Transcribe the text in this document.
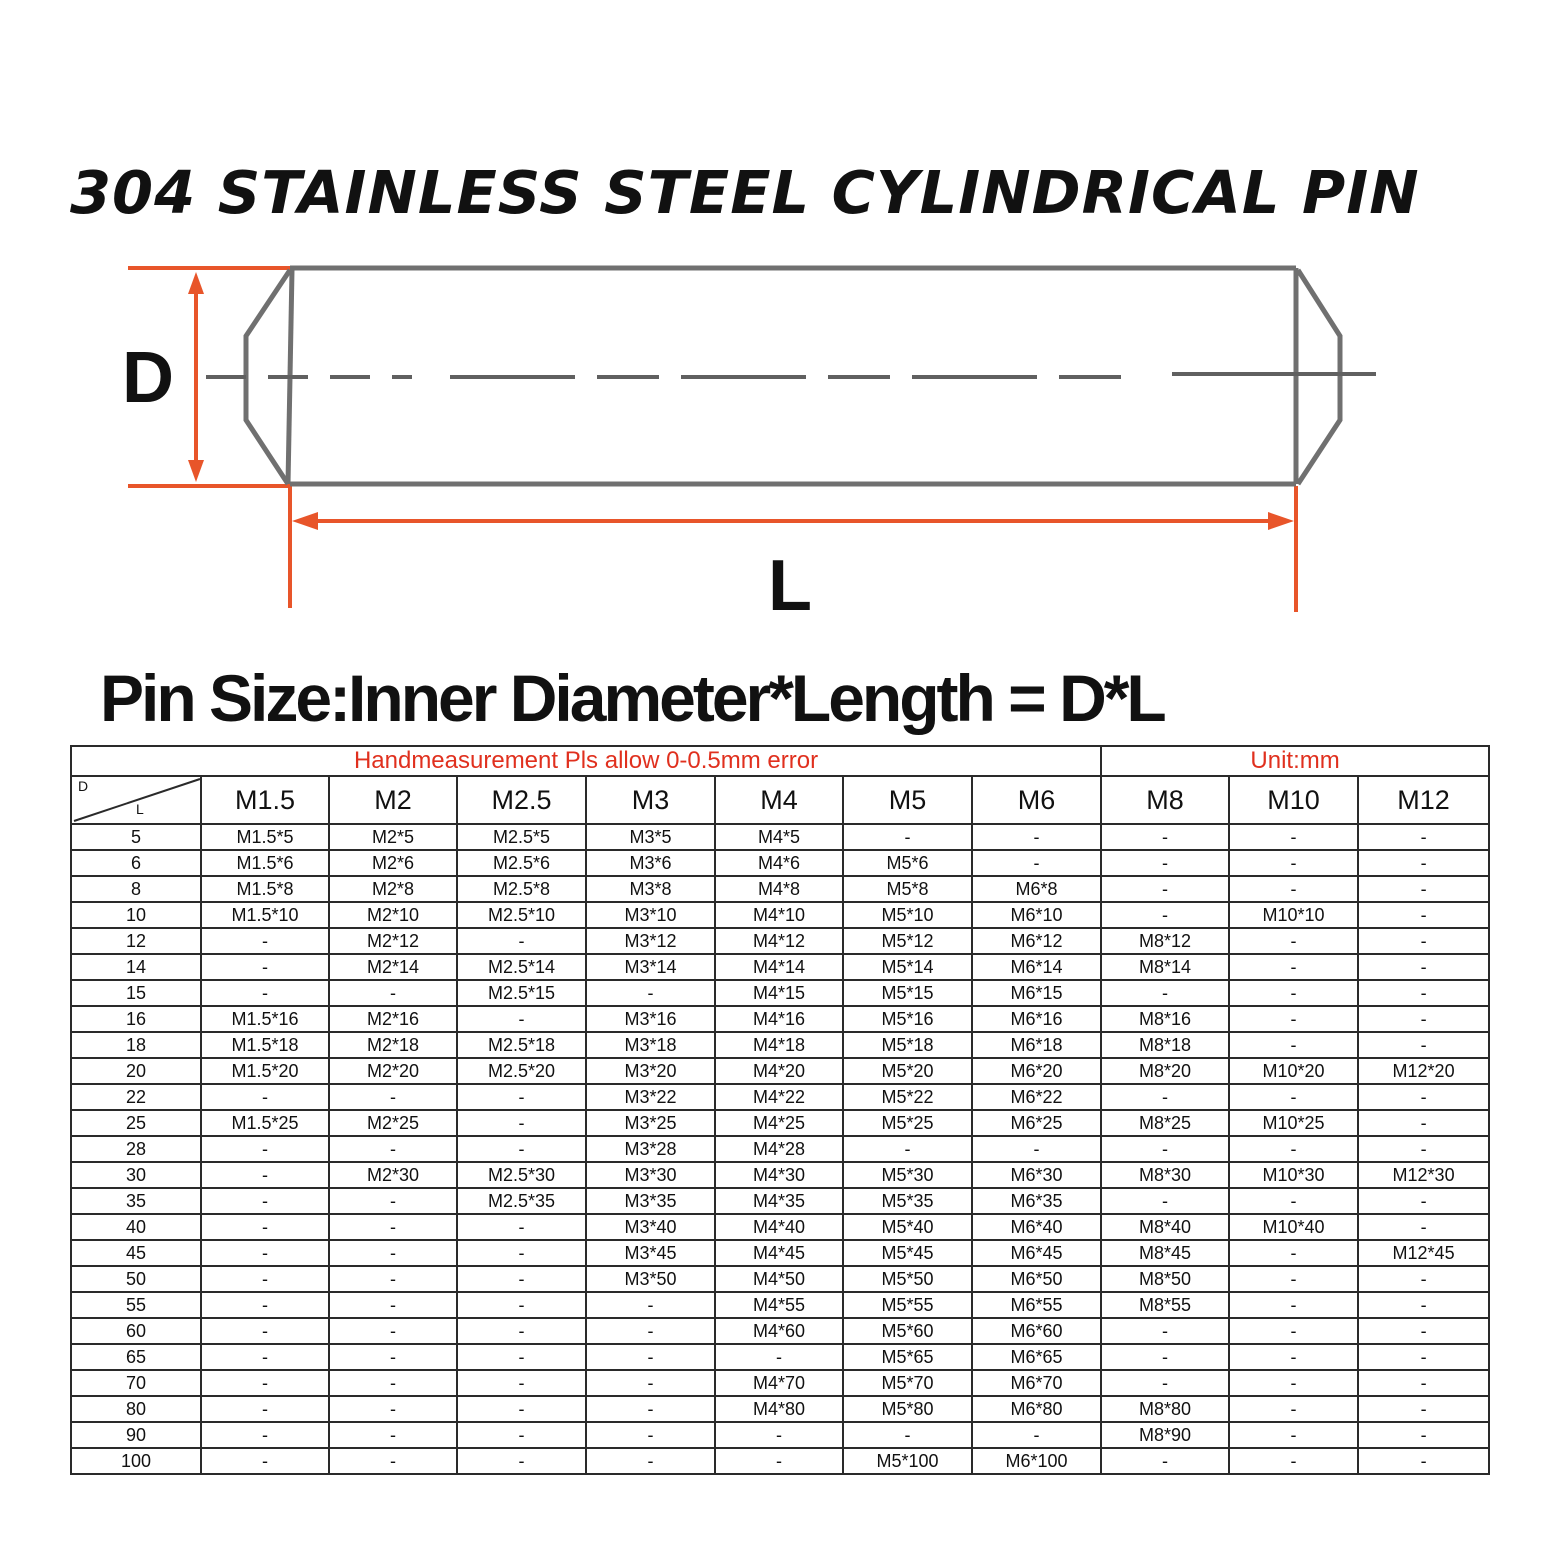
304 STAINLESS STEEL CYLINDRICAL PIN
D
L
Pin Size:Inner Diameter*Length = D*L
Handmeasurement Pls allow 0-0.5mm error								Unit:mm		

D
L	M1.5	M2	M2.5	M3	M4	M5	M6	M8	M10	M12
5	M1.5*5	M2*5	M2.5*5	M3*5	M4*5	-	-	-	-	-
6	M1.5*6	M2*6	M2.5*6	M3*6	M4*6	M5*6	-	-	-	-
8	M1.5*8	M2*8	M2.5*8	M3*8	M4*8	M5*8	M6*8	-	-	-
10	M1.5*10	M2*10	M2.5*10	M3*10	M4*10	M5*10	M6*10	-	M10*10	-
12	-	M2*12	-	M3*12	M4*12	M5*12	M6*12	M8*12	-	-
14	-	M2*14	M2.5*14	M3*14	M4*14	M5*14	M6*14	M8*14	-	-
15	-	-	M2.5*15	-	M4*15	M5*15	M6*15	-	-	-
16	M1.5*16	M2*16	-	M3*16	M4*16	M5*16	M6*16	M8*16	-	-
18	M1.5*18	M2*18	M2.5*18	M3*18	M4*18	M5*18	M6*18	M8*18	-	-
20	M1.5*20	M2*20	M2.5*20	M3*20	M4*20	M5*20	M6*20	M8*20	M10*20	M12*20
22	-	-	-	M3*22	M4*22	M5*22	M6*22	-	-	-
25	M1.5*25	M2*25	-	M3*25	M4*25	M5*25	M6*25	M8*25	M10*25	-
28	-	-	-	M3*28	M4*28	-	-	-	-	-
30	-	M2*30	M2.5*30	M3*30	M4*30	M5*30	M6*30	M8*30	M10*30	M12*30
35	-	-	M2.5*35	M3*35	M4*35	M5*35	M6*35	-	-	-
40	-	-	-	M3*40	M4*40	M5*40	M6*40	M8*40	M10*40	-
45	-	-	-	M3*45	M4*45	M5*45	M6*45	M8*45	-	M12*45
50	-	-	-	M3*50	M4*50	M5*50	M6*50	M8*50	-	-
55	-	-	-	-	M4*55	M5*55	M6*55	M8*55	-	-
60	-	-	-	-	M4*60	M5*60	M6*60	-	-	-
65	-	-	-	-	-	M5*65	M6*65	-	-	-
70	-	-	-	-	M4*70	M5*70	M6*70	-	-	-
80	-	-	-	-	M4*80	M5*80	M6*80	M8*80	-	-
90	-	-	-	-	-	-	-	M8*90	-	-
100	-	-	-	-	-	M5*100	M6*100	-	-	-
